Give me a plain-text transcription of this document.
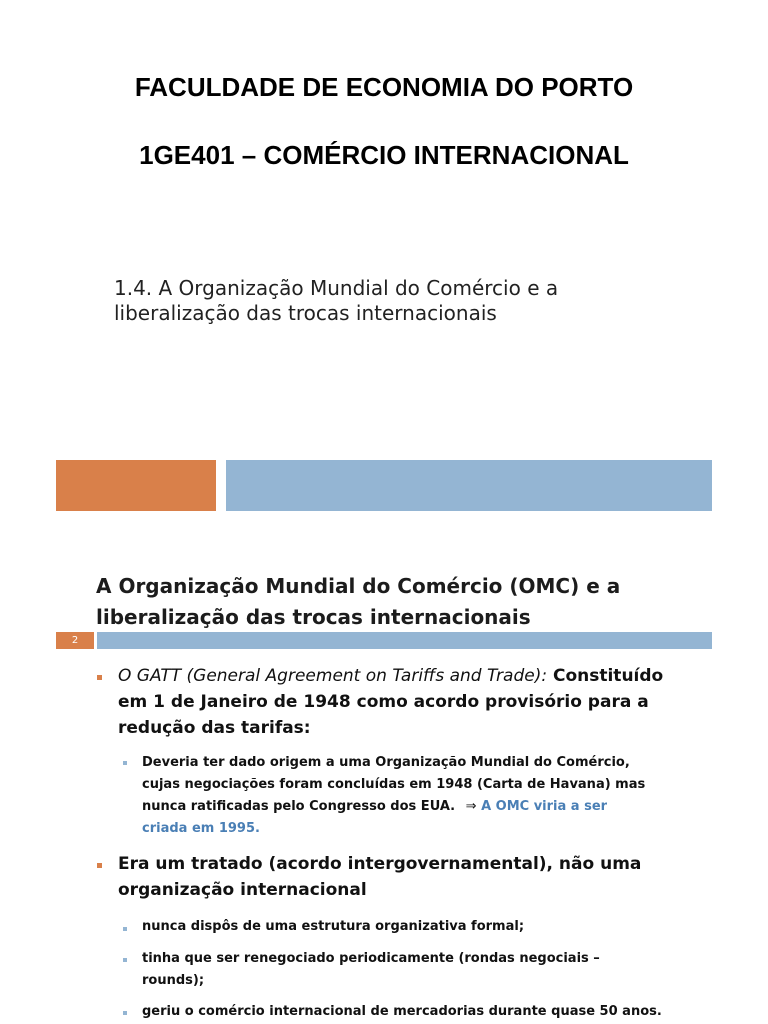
FACULDADE DE ECONOMIA DO PORTO
1GE401 – COMÉRCIO INTERNACIONAL
1.4. A Organização Mundial do Comércio e a
liberalização das trocas internacionais
A Organização Mundial do Comércio (OMC) e a
liberalização das trocas internacionais
2
O GATT (General Agreement on Tariffs and Trade): Constituído
em 1 de Janeiro de 1948 como acordo provisório para a
redução das tarifas:
Deveria ter dado origem a uma Organização Mundial do Comércio,
cujas negociações foram concluídas em 1948 (Carta de Havana) mas
nunca ratificadas pelo Congresso dos EUA. ⇒ A OMC viria a ser
criada em 1995.
Era um tratado (acordo intergovernamental), não uma
organização internacional
nunca dispôs de uma estrutura organizativa formal;
tinha que ser renegociado periodicamente (rondas negociais –
rounds);
geriu o comércio internacional de mercadorias durante quase 50 anos.
